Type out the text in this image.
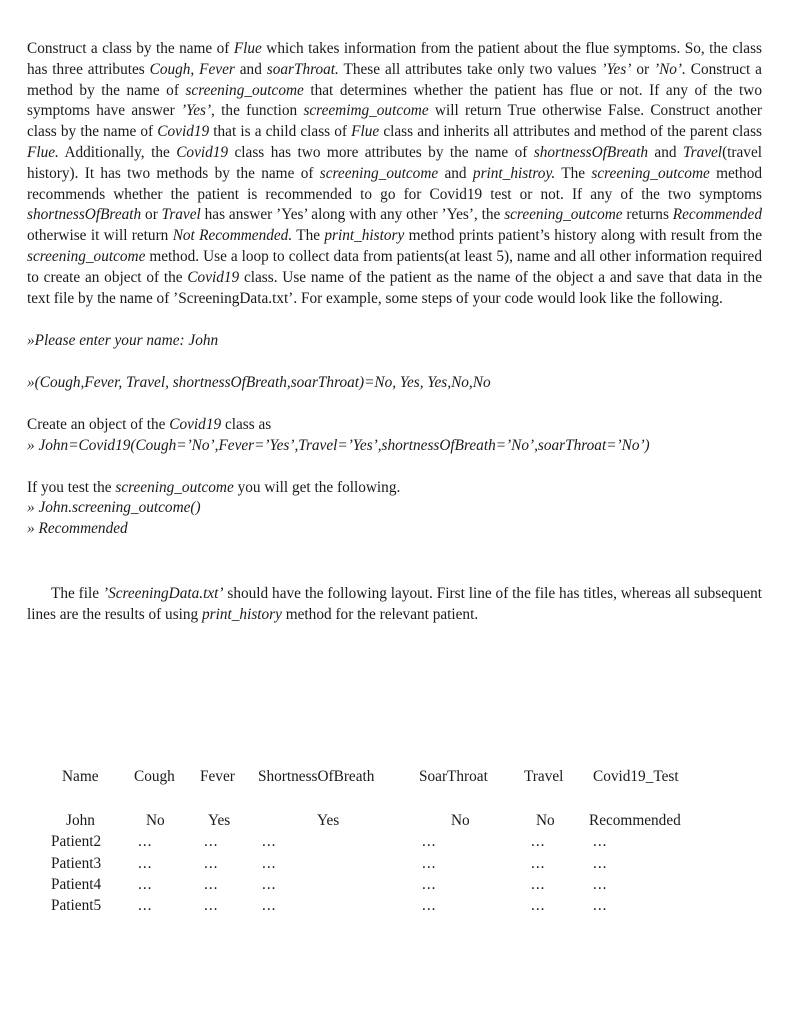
Construct a class by the name of Flue which takes information from the patient about the flue symptoms. So, the class has three attributes Cough, Fever and soarThroat. These all attributes take only two values ’Yes’ or ’No’. Construct a method by the name of screening_outcome that determines whether the patient has flue or not. If any of the two symptoms have answer ’Yes’, the function screemimg_outcome will return True otherwise False. Construct another class by the name of Covid19 that is a child class of Flue class and inherits all attributes and method of the parent class Flue. Additionally, the Covid19 class has two more attributes by the name of shortnessOfBreath and Travel(travel history). It has two methods by the name of screening_outcome and print_histroy. The screening_outcome method recommends whether the patient is recommended to go for Covid19 test or not. If any of the two symptoms shortnessOfBreath or Travel has answer ’Yes’ along with any other ’Yes’, the screening_outcome returns Recommended otherwise it will return Not Recommended. The print_history method prints patient’s history along with result from the screening_outcome method. Use a loop to collect data from patients(at least 5), name and all other information required to create an object of the Covid19 class. Use name of the patient as the name of the object a and save that data in the text file by the name of ’ScreeningData.txt’. For example, some steps of your code would look like the following.

»Please enter your name: John

»(Cough,Fever, Travel, shortnessOfBreath,soarThroat)=No, Yes, Yes,No,No

Create an object of the Covid19 class as

» John=Covid19(Cough=’No’,Fever=’Yes’,Travel=’Yes’,shortnessOfBreath=’No’,soarThroat=’No’)

If you test the screening_outcome you will get the following.

» John.screening_outcome()

» Recommended

The file ’ScreeningData.txt’ should have the following layout. First line of the file has titles, whereas all subsequent lines are the results of using print_history method for the relevant patient.

Name Cough Fever ShortnessOfBreath	SoarThroat Travel Covid19_Test
John	No	Yes	Yes	No	No Recommended
Patient2 ...	...	...	...	...	...
Patient3 ...	...	...	...	...	...
Patient4 ...	...	...	...	...	...
Patient5 ...	...	...	...	...	...
